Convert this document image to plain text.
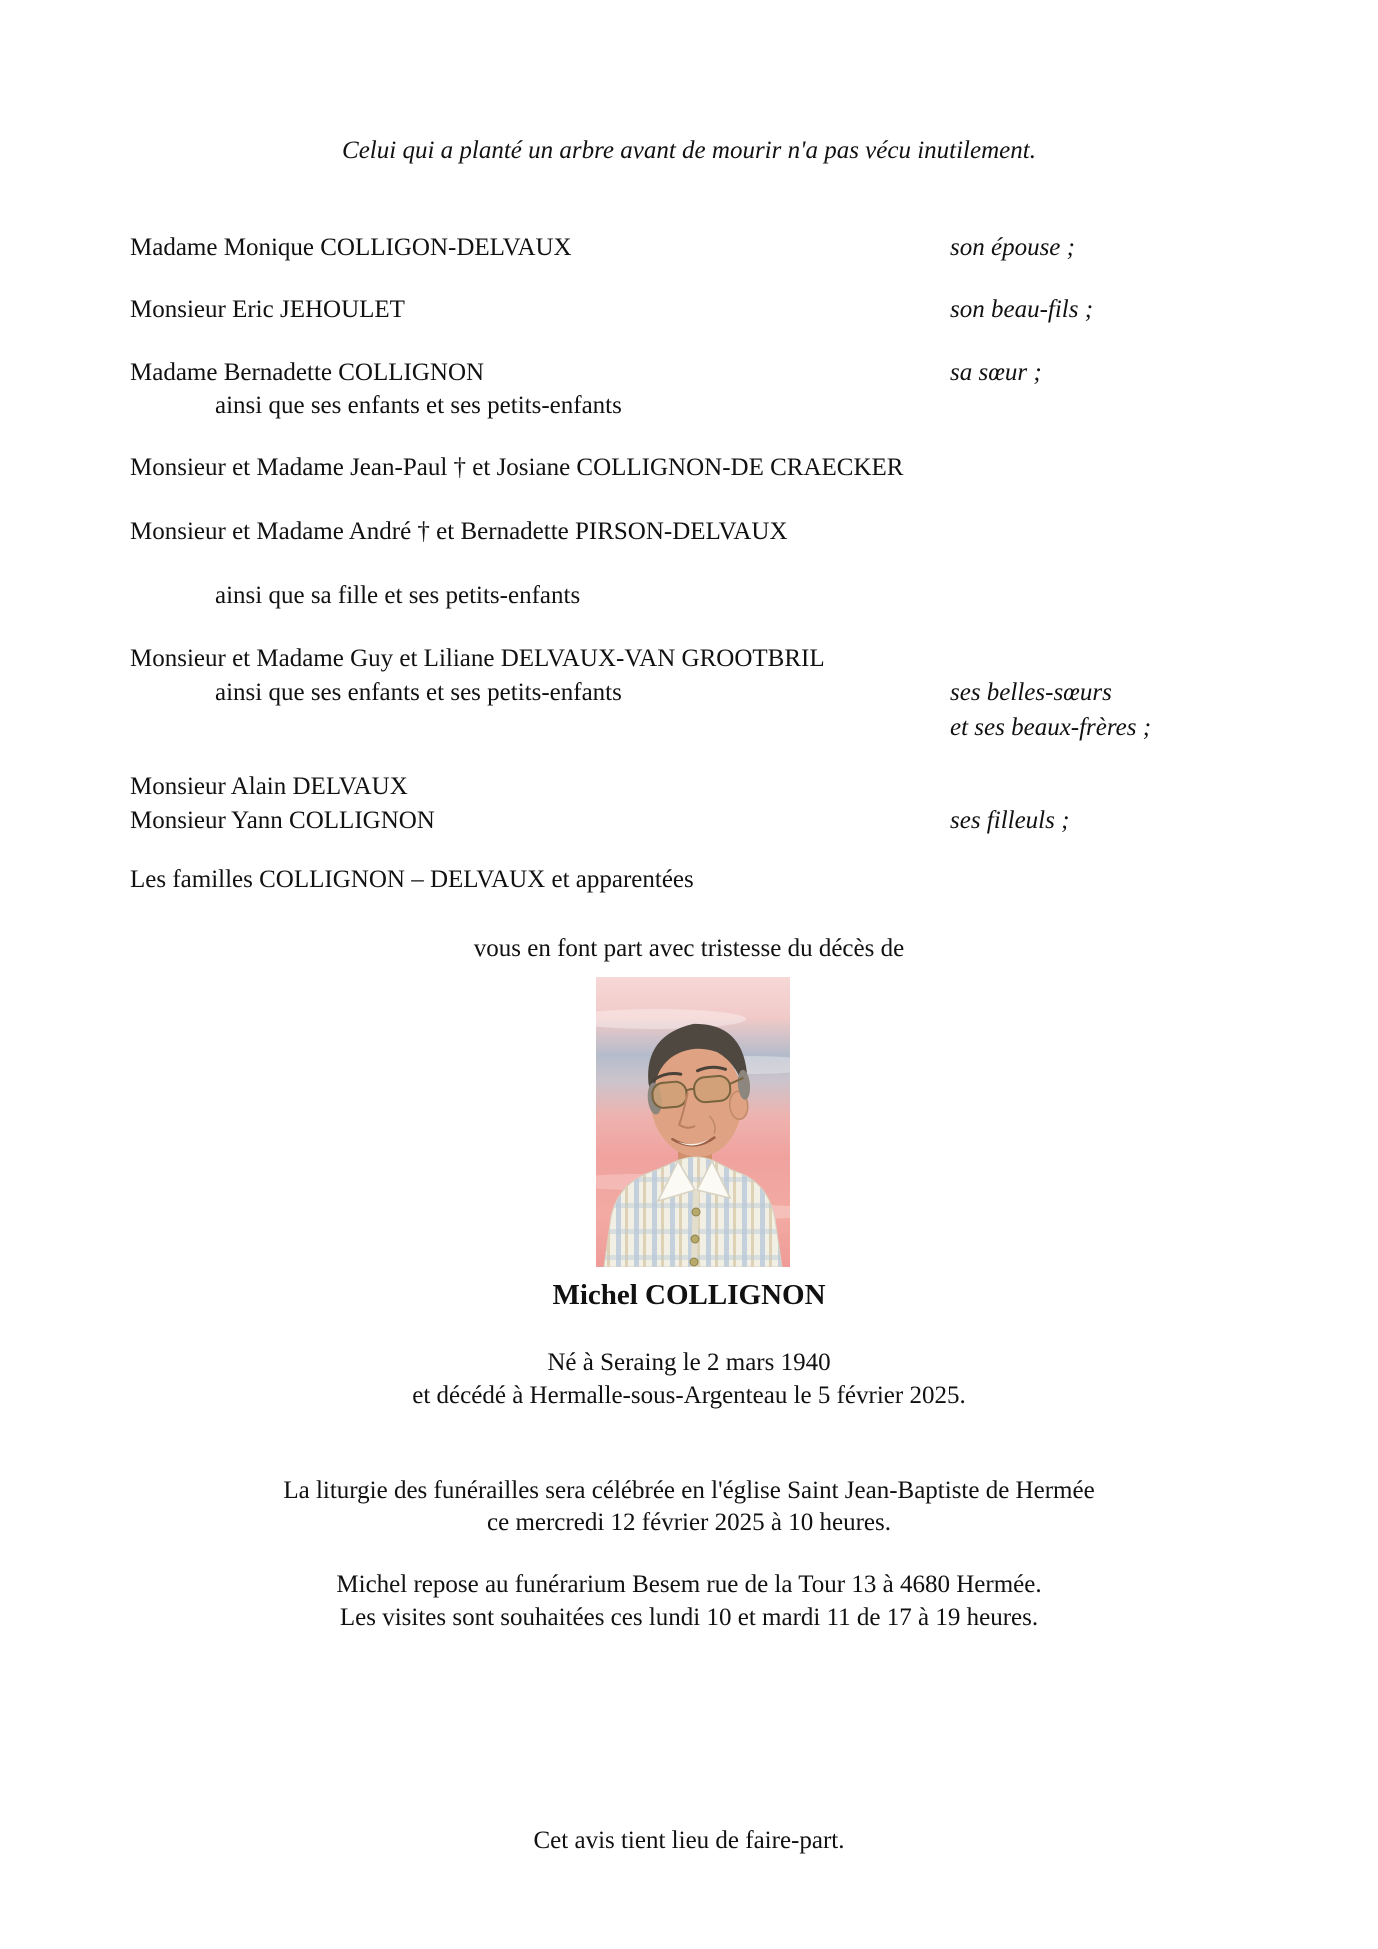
Celui qui a planté un arbre avant de mourir n'a pas vécu inutilement.
Madame Monique COLLIGON-DELVAUX	son épouse ;
Monsieur Eric JEHOULET	son beau-fils ;
Madame Bernadette COLLIGNON	sa sœur ;
ainsi que ses enfants et ses petits-enfants
Monsieur et Madame Jean-Paul † et Josiane COLLIGNON-DE CRAECKER
Monsieur et Madame André † et Bernadette PIRSON-DELVAUX
ainsi que sa fille et ses petits-enfants
Monsieur et Madame Guy et Liliane DELVAUX-VAN GROOTBRIL
ainsi que ses enfants et ses petits-enfants	ses belles-sœurs
et ses beaux-frères ;
Monsieur Alain DELVAUX
Monsieur Yann COLLIGNON	ses filleuls ;
Les familles COLLIGNON – DELVAUX et apparentées
vous en font part avec tristesse du décès de
Michel COLLIGNON
Né à Seraing le 2 mars 1940
et décédé à Hermalle-sous-Argenteau le 5 février 2025.
La liturgie des funérailles sera célébrée en l'église Saint Jean-Baptiste de Hermée
ce mercredi 12 février 2025 à 10 heures.
Michel repose au funérarium Besem rue de la Tour 13 à 4680 Hermée.
Les visites sont souhaitées ces lundi 10 et mardi 11 de 17 à 19 heures.
Cet avis tient lieu de faire-part.
